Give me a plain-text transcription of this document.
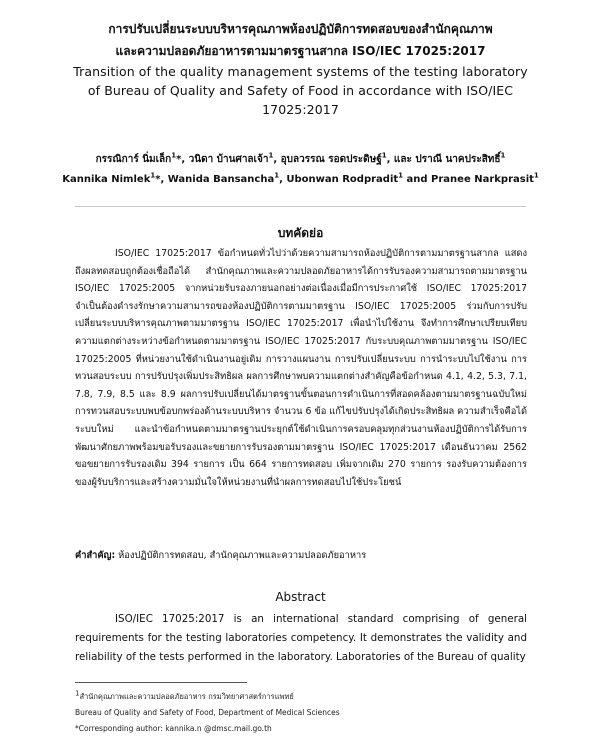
การปรับเปลี่ยนระบบบริหารคุณภาพห้องปฏิบัติการทดสอบของสำนักคุณภาพ
และความปลอดภัยอาหารตามมาตรฐานสากล ISO/IEC 17025:2017
Transition of the quality management systems of the testing laboratory
of Bureau of Quality and Safety of Food in accordance with ISO/IEC
17025:2017
กรรณิการ์ นิ่มเล็ก$^1$*, วนิดา บ้านศาลเจ้า$^1$, อุบลวรรณ รอดประดิษฐ์$^1$, และ ปราณี นาคประสิทธิ์$^1$
Kannika Nimlek$^1$*, Wanida Bansancha$^1$, Ubonwan Rodpradit$^1$ and Pranee Narkprasit$^1$
บทคัดย่อ

ISO/IEC 17025:2017 ข้อกำหนดทั่วไปว่าด้วยความสามารถห้องปฏิบัติการตามมาตรฐานสากล แสดงถึงผลทดสอบถูกต้องเชื่อถือได้ สำนักคุณภาพและความปลอดภัยอาหารได้การรับรองความสามารถตามมาตรฐาน ISO/IEC 17025:2005 จากหน่วยรับรองภายนอกอย่างต่อเนื่องเมื่อมีการประกาศใช้ ISO/IEC 17025:2017 จำเป็นต้องดำรงรักษาความสามารถของห้องปฏิบัติการตามมาตรฐาน ISO/IEC 17025:2005 ร่วมกับการปรับเปลี่ยนระบบบริหารคุณภาพตามมาตรฐาน ISO/IEC 17025:2017 เพื่อนำไปใช้งาน จึงทำการศึกษาเปรียบเทียบความแตกต่างระหว่างข้อกำหนดตามมาตรฐาน ISO/IEC 17025:2017 กับระบบคุณภาพตามมาตรฐาน ISO/IEC 17025:2005 ที่หน่วยงานใช้ดำเนินงานอยู่เดิม การวางแผนงาน การปรับเปลี่ยนระบบ การนำระบบไปใช้งาน การทวนสอบระบบ การปรับปรุงเพิ่มประสิทธิผล ผลการศึกษาพบความแตกต่างสำคัญคือข้อกำหนด 4.1, 4.2, 5.3, 7.1, 7.8, 7.9, 8.5 และ 8.9 ผลการปรับเปลี่ยนได้มาตรฐานขั้นตอนการดำเนินการที่สอดคล้องตามมาตรฐานฉบับใหม่ การทวนสอบระบบพบข้อบกพร่องด้านระบบบริหาร จำนวน 6 ข้อ แก้ไขปรับปรุงได้เกิดประสิทธิผล ความสำเร็จคือได้ระบบใหม่ และนำข้อกำหนดตามมาตรฐานประยุกต์ใช้ดำเนินการครอบคลุมทุกส่วนงานห้องปฏิบัติการได้รับการพัฒนาศักยภาพพร้อมขอรับรองและขยายการรับรองตามมาตรฐาน ISO/IEC 17025:2017 เดือนธันวาคม 2562 ขอขยายการรับรองเดิม 394 รายการ เป็น 664 รายการทดสอบ เพิ่มจากเดิม 270 รายการ รองรับความต้องการของผู้รับบริการและสร้างความมั่นใจให้หน่วยงานที่นำผลการทดสอบไปใช้ประโยชน์

คำสำคัญ: ห้องปฏิบัติการทดสอบ, สำนักคุณภาพและความปลอดภัยอาหาร
Abstract

ISO/IEC 17025:2017 is an international standard comprising of general requirements for the testing laboratories competency. It demonstrates the validity and reliability of the tests performed in the laboratory. Laboratories of the Bureau of quality

$^1$สำนักคุณภาพและความปลอดภัยอาหาร กรมวิทยาศาสตร์การแพทย์
Bureau of Quality and Safety of Food, Department of Medical Sciences
*Corresponding author: kannika.n @dmsc.mail.go.th
